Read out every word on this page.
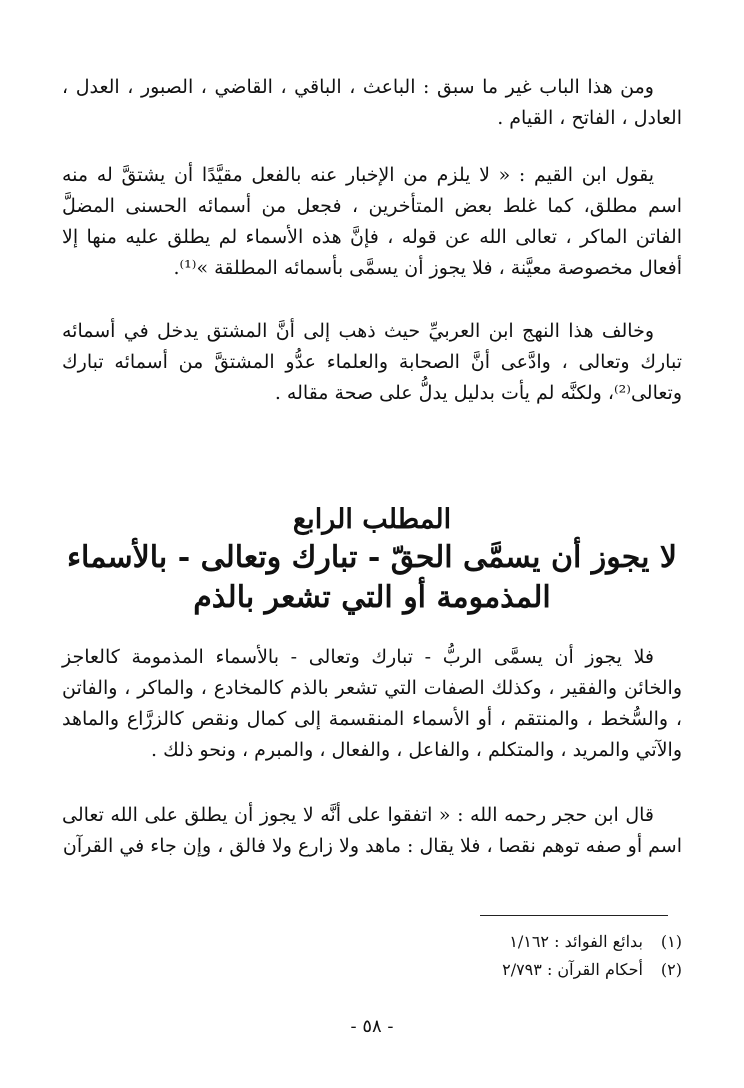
ومن هذا الباب غير ما سبق : الباعث ، الباقي ، القاضي ، الصبور ، العدل ، العادل ، الفاتح ، القيام .

يقول ابن القيم : « لا يلزم من الإخبار عنه بالفعل مقيَّدًا أن يشتقَّ له منه اسم مطلق، كما غلط بعض المتأخرين ، فجعل من أسمائه الحسنى المضلَّ الفاتن الماكر ، تعالى الله عن قوله ، فإنَّ هذه الأسماء لم يطلق عليه منها إلا أفعال مخصوصة معيَّنة ، فلا يجوز أن يسمَّى بأسمائه المطلقة »⁽¹⁾.

وخالف هذا النهج ابن العربيِّ حيث ذهب إلى أنَّ المشتق يدخل في أسمائه تبارك وتعالى ، وادَّعى أنَّ الصحابة والعلماء عدُّو المشتقَّ من أسمائه تبارك وتعالى⁽²⁾، ولكنَّه لم يأت بدليل يدلُّ على صحة مقاله .

المطلب الرابع
لا يجوز أن يسمَّى الحقّ - تبارك وتعالى - بالأسماء
المذمومة أو التي تشعر بالذم

فلا يجوز أن يسمَّى الربُّ - تبارك وتعالى - بالأسماء المذمومة كالعاجز والخائن والفقير ، وكذلك الصفات التي تشعر بالذم كالمخادع ، والماكر ، والفاتن ، والسُّخط ، والمنتقم ، أو الأسماء المنقسمة إلى كمال ونقص كالزرَّاع والماهد والآتي والمريد ، والمتكلم ، والفاعل ، والفعال ، والمبرم ، ونحو ذلك .

قال ابن حجر رحمه الله : « اتفقوا على أنَّه لا يجوز أن يطلق على الله تعالى اسم أو صفه توهم نقصا ، فلا يقال : ماهد ولا زارع ولا فالق ، وإن جاء في القرآن

(١) بدائع الفوائد : ١/١٦٢
(٢) أحكام القرآن : ٢/٧٩٣
- ٥٨ -
